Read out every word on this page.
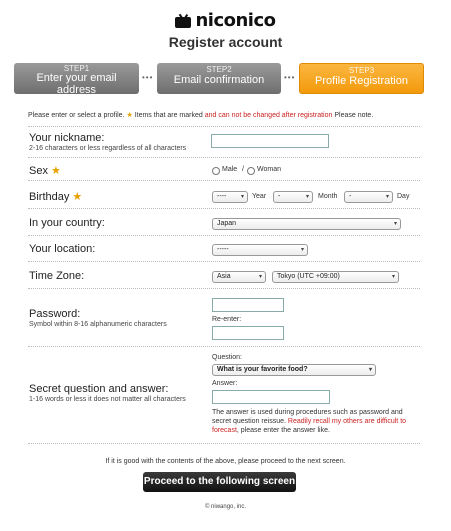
niconico
Register account
STEP1
Enter your email
address
•••
STEP2
Email confirmation	•••
STEP3
Profile Registration
Please enter or select a profile. ★ Items that are marked and can not be changed after registration Please note.
Your nickname:
2-16 characters or less regardless of all characters
Sex ★	Male / Woman
Birthday ★	---- ▾ Year	-	▾ Month	-	▾ Day
In your country:	Japan	▾
Your location:	-----	▾
Time Zone:	Asia	▾	Tokyo (UTC +09:00)	▾
Password:
Symbol within 8-16 alphanumeric characters
Re-enter:
Secret question and answer:
1-16 words or less it does not matter all characters
Question:
What is your favorite food?	▾
Answer:
The answer is used during procedures such as password and secret question reissue. Readily recall my others are difficult to forecast, please enter the answer like.
If it is good with the contents of the above, please proceed to the next screen.
Proceed to the following screen
© niwango, inc.
